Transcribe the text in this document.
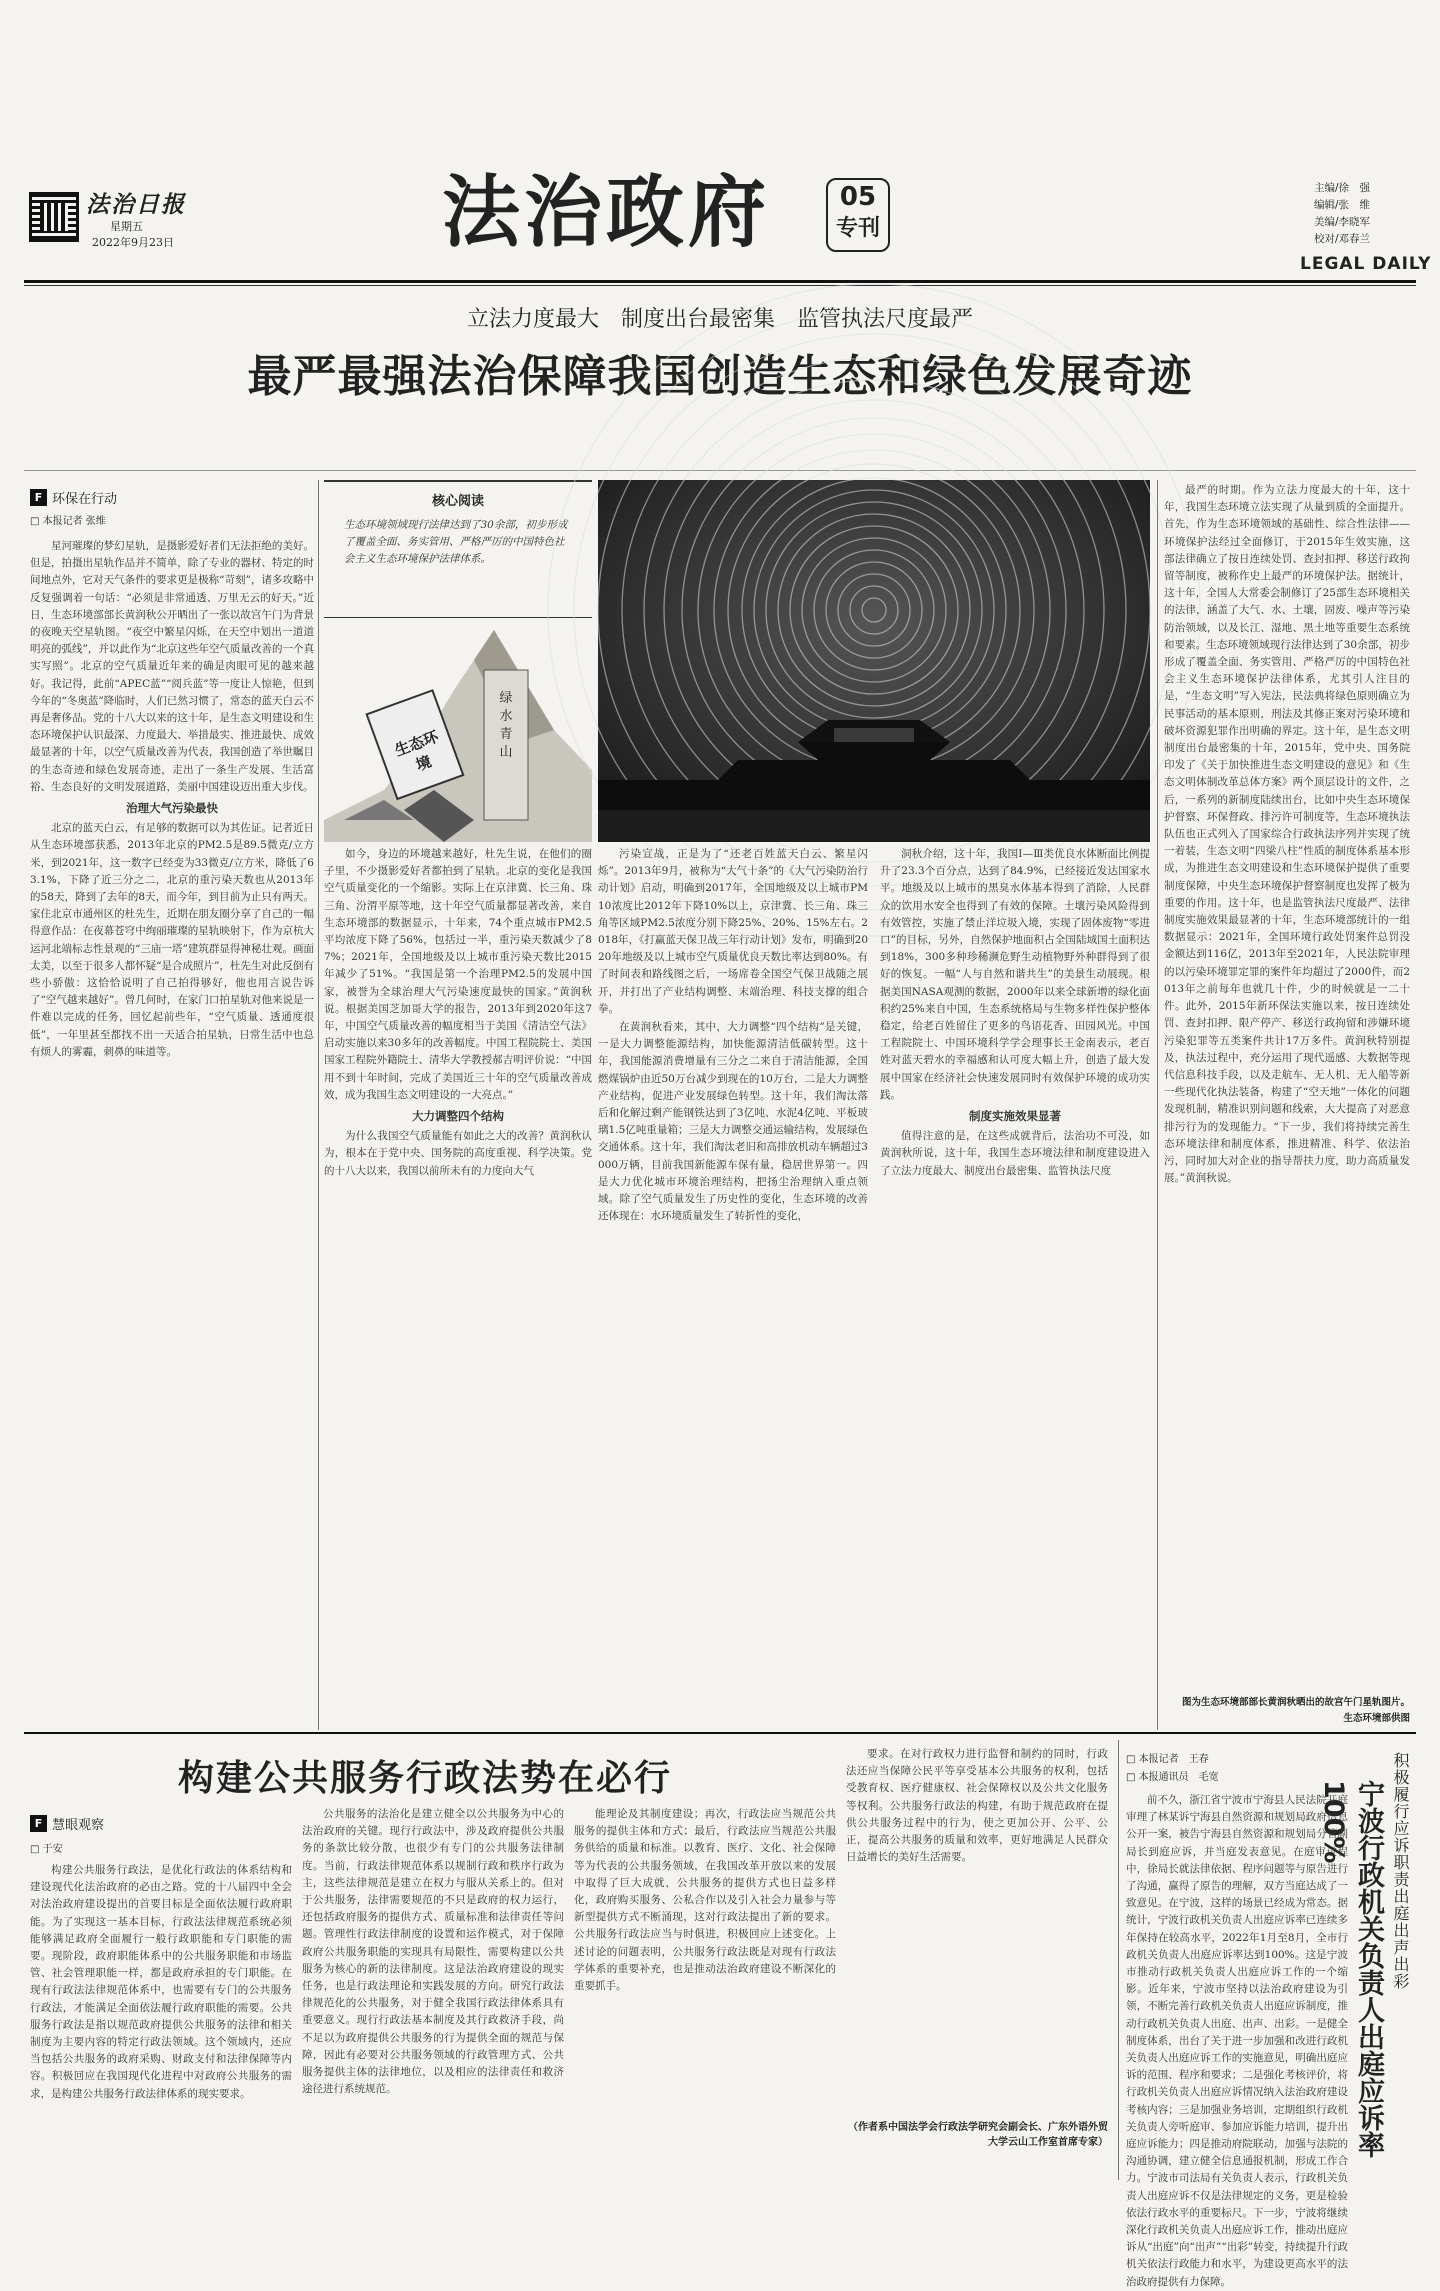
法治日报
星期五
2022年9月23日	法治政府	05
专刊
主编/徐　强
编辑/张　维
美编/李晓军
校对/邓春兰
LEGAL DAILY
立法力度最大　制度出台最密集　监管执法尺度最严
最严最强法治保障我国创造生态和绿色发展奇迹
F 环保在行动
□ 本报记者 张维

星河璀璨的梦幻星轨，是摄影爱好者们无法拒绝的美好。但是，拍摄出星轨作品并不简单，除了专业的器材、特定的时间地点外，它对天气条件的要求更是极称“苛刻”，诸多攻略中反复强调着一句话：“必须是非常通透、万里无云的好天。”近日，生态环境部部长黄润秋公开晒出了一张以故宫午门为背景的夜晚天空星轨图。“夜空中繁星闪烁，在天空中划出一道道明亮的弧线”，并以此作为“北京这些年空气质量改善的一个真实写照”。北京的空气质量近年来的确是肉眼可见的越来越好。我记得，此前“APEC蓝”“阅兵蓝”等一度让人惊艳，但到今年的“冬奥蓝”降临时，人们已然习惯了，常态的蓝天白云不再是奢侈品。党的十八大以来的这十年，是生态文明建设和生态环境保护认识最深、力度最大、举措最实、推进最快、成效最显著的十年，以空气质量改善为代表，我国创造了举世瞩目的生态奇迹和绿色发展奇迹，走出了一条生产发展、生活富裕、生态良好的文明发展道路，美丽中国建设迈出重大步伐。

治理大气污染最快

北京的蓝天白云，有足够的数据可以为其佐证。记者近日从生态环境部获悉，2013年北京的PM2.5是89.5微克/立方米，到2021年，这一数字已经变为33微克/立方米，降低了63.1%，下降了近三分之二，北京的重污染天数也从2013年的58天，降到了去年的8天，而今年，到目前为止只有两天。家住北京市通州区的杜先生，近期在朋友圈分享了自己的一幅得意作品：在夜幕苍穹中绚丽璀璨的星轨映射下，作为京杭大运河北端标志性景观的“三庙一塔”建筑群显得神秘壮观。画面太美，以至于很多人都怀疑“是合成照片”，杜先生对此反倒有些小骄傲：这恰恰说明了自己拍得够好，他也用言说告诉了“空气越来越好”。曾几何时，在家门口拍星轨对他来说是一件难以完成的任务，回忆起前些年，“空气质量、透通度很低”，一年里甚至都找不出一天适合拍星轨，日常生活中也总有烦人的雾霾，刺鼻的味道等。

核心阅读
生态环境领域现行法律达到了30余部，初步形成了覆盖全面、务实管用、严格严厉的中国特色社会主义生态环境保护法律体系。
生态环境
绿水青山

如今，身边的环境越来越好，杜先生说，在他们的圈子里，不少摄影爱好者都拍到了星轨。北京的变化是我国空气质量变化的一个缩影。实际上在京津冀、长三角、珠三角、汾渭平原等地，这十年空气质量都显著改善，来自生态环境部的数据显示，十年来，74个重点城市PM2.5平均浓度下降了56%，包括过一半，重污染天数减少了87%；2021年，全国地级及以上城市重污染天数比2015年减少了51%。“我国是第一个治理PM2.5的发展中国家，被誉为全球治理大气污染速度最快的国家。”黄润秋说。根据美国芝加哥大学的报告，2013年到2020年这7年，中国空气质量改善的幅度相当于美国《清洁空气法》启动实施以来30多年的改善幅度。中国工程院院士、美国国家工程院外籍院士、清华大学教授郝吉明评价说：“中国用不到十年时间，完成了美国近三十年的空气质量改善成效，成为我国生态文明建设的一大亮点。”

大力调整四个结构

为什么我国空气质量能有如此之大的改善？黄润秋认为，根本在于党中央、国务院的高度重视、科学决策。党的十八大以来，我国以前所未有的力度向大气

污染宣战，正是为了“还老百姓蓝天白云、繁星闪烁”。2013年9月，被称为“大气十条”的《大气污染防治行动计划》启动，明确到2017年，全国地级及以上城市PM10浓度比2012年下降10%以上，京津冀、长三角、珠三角等区域PM2.5浓度分别下降25%、20%、15%左右。2018年，《打赢蓝天保卫战三年行动计划》发布，明确到2020年地级及以上城市空气质量优良天数比率达到80%。有了时间表和路线图之后，一场席卷全国空气保卫战随之展开，并打出了产业结构调整、末端治理、科技支撑的组合拳。

在黄润秋看来，其中，大力调整“四个结构”是关键，一是大力调整能源结构，加快能源清洁低碳转型。这十年，我国能源消费增量有三分之二来自于清洁能源，全国燃煤锅炉由近50万台减少到现在的10万台，二是大力调整产业结构，促进产业发展绿色转型。这十年，我们淘汰落后和化解过剩产能钢铁达到了3亿吨、水泥4亿吨、平板玻璃1.5亿吨重量箱；三是大力调整交通运输结构，发展绿色交通体系。这十年，我们淘汰老旧和高排放机动车辆超过3000万辆，目前我国新能源车保有量，稳居世界第一。四是大力优化城市环境治理结构，把扬尘治理纳入重点领域。除了空气质量发生了历史性的变化，生态环境的改善还体现在：水环境质量发生了转折性的变化，

洞秋介绍，这十年，我国Ⅰ—Ⅲ类优良水体断面比例提升了23.3个百分点，达到了84.9%，已经接近发达国家水平。地级及以上城市的黑臭水体基本得到了消除，人民群众的饮用水安全也得到了有效的保障。土壤污染风险得到有效管控，实施了禁止洋垃圾入境，实现了固体废物“零进口”的目标，另外，自然保护地面积占全国陆域国土面积达到18%，300多种珍稀濒危野生动植物野外种群得到了很好的恢复。一幅“人与自然和谐共生”的美景生动展现。根据美国NASA观测的数据，2000年以来全球新增的绿化面积约25%来自中国，生态系统格局与生物多样性保护整体稳定，给老百姓留住了更多的鸟语花香、田园风光。中国工程院院士、中国环境科学学会理事长王金南表示，老百姓对蓝天碧水的幸福感和认可度大幅上升，创造了最大发展中国家在经济社会快速发展同时有效保护环境的成功实践。

制度实施效果显著

值得注意的是，在这些成就背后，法治功不可没，如黄润秋所说，这十年，我国生态环境法律和制度建设进入了立法力度最大、制度出台最密集、监管执法尺度

最严的时期。作为立法力度最大的十年，这十年，我国生态环境立法实现了从量到质的全面提升。首先，作为生态环境领域的基础性、综合性法律——环境保护法经过全面修订，于2015年生效实施，这部法律确立了按日连续处罚、查封扣押、移送行政拘留等制度，被称作史上最严的环境保护法。据统计，这十年，全国人大常委会制修订了25部生态环境相关的法律，涵盖了大气、水、土壤，固废、噪声等污染防治领域，以及长江、湿地、黑土地等重要生态系统和要素。生态环境领域现行法律达到了30余部，初步形成了覆盖全面、务实管用、严格严厉的中国特色社会主义生态环境保护法律体系，尤其引人注目的是，“生态文明”写入宪法，民法典将绿色原则确立为民事活动的基本原则，刑法及其修正案对污染环境和破坏资源犯罪作出明确的界定。这十年，是生态文明制度出台最密集的十年，2015年，党中央、国务院印发了《关于加快推进生态文明建设的意见》和《生态文明体制改革总体方案》两个顶层设计的文件，之后，一系列的新制度陆续出台，比如中央生态环境保护督察、环保督政、排污许可制度等，生态环境执法队伍也正式列入了国家综合行政执法序列并实现了统一着装，生态文明“四梁八柱”性质的制度体系基本形成，为推进生态文明建设和生态环境保护提供了重要制度保障，中央生态环境保护督察制度也发挥了极为重要的作用。这十年，也是监管执法尺度最严、法律制度实施效果最显著的十年，生态环境部统计的一组数据显示：2021年，全国环境行政处罚案件总罚没金额达到116亿，2013年至2021年，人民法院审理的以污染环境罪定罪的案件年均超过了2000件，而2013年之前每年也就几十件，少的时候就是一二十件。此外，2015年新环保法实施以来，按日连续处罚、查封扣押、限产停产、移送行政拘留和涉嫌环境污染犯罪等五类案件共计17万多件。黄润秋特别提及，执法过程中，充分运用了现代遥感、大数据等现代信息科技手段，以及走航车、无人机、无人船等新一些现代化执法装备，构建了“空天地”一体化的问题发现机制，精准识别问题和线索，大大提高了对恶意排污行为的发现能力。“下一步，我们将持续完善生态环境法律和制度体系，推进精准、科学、依法治污，同时加大对企业的指导帮扶力度，助力高质量发展。”黄润秋说。

图为生态环境部部长黄润秋晒出的故宫午门星轨图片。
生态环境部供图
构建公共服务行政法势在必行
F 慧眼观察
□ 于安

构建公共服务行政法，是优化行政法的体系结构和建设现代化法治政府的必由之路。党的十八届四中全会对法治政府建设提出的首要目标是全面依法履行政府职能。为了实现这一基本目标，行政法法律规范系统必须能够满足政府全面履行一般行政职能和专门职能的需要。现阶段，政府职能体系中的公共服务职能和市场监管、社会管理职能一样，都是政府承担的专门职能。在现有行政法法律规范体系中，也需要有专门的公共服务行政法，才能满足全面依法履行政府职能的需要。公共服务行政法是指以规范政府提供公共服务的法律和相关制度为主要内容的特定行政法领域。这个领域内，还应当包括公共服务的政府采购、财政支付和法律保障等内容。积极回应在我国现代化进程中对政府公共服务的需求，是构建公共服务行政法律体系的现实要求。

公共服务的法治化是建立健全以公共服务为中心的法治政府的关键。现行行政法中，涉及政府提供公共服务的条款比较分散，也很少有专门的公共服务法律制度。当前，行政法律规范体系以规制行政和秩序行政为主，这些法律规范是建立在权力与服从关系上的。但对于公共服务，法律需要规范的不只是政府的权力运行，还包括政府服务的提供方式、质量标准和法律责任等问题。管理性行政法律制度的设置和运作模式，对于保障政府公共服务职能的实现具有局限性，需要构建以公共服务为核心的新的法律制度。这是法治政府建设的现实任务，也是行政法理论和实践发展的方向。研究行政法律规范化的公共服务，对于健全我国行政法律体系具有重要意义。现行行政法基本制度及其行政救济手段，尚不足以为政府提供公共服务的行为提供全面的规范与保障，因此有必要对公共服务领域的行政管理方式、公共服务提供主体的法律地位，以及相应的法律责任和救济途径进行系统规范。

能理论及其制度建设；再次，行政法应当规范公共服务的提供主体和方式；最后，行政法应当规范公共服务供给的质量和标准。以教育、医疗、文化、社会保障等为代表的公共服务领域，在我国改革开放以来的发展中取得了巨大成就，公共服务的提供方式也日益多样化，政府购买服务、公私合作以及引入社会力量参与等新型提供方式不断涌现，这对行政法提出了新的要求。公共服务行政法应当与时俱进，积极回应上述变化。上述讨论的问题表明，公共服务行政法既是对现有行政法学体系的重要补充，也是推动法治政府建设不断深化的重要抓手。

要求。在对行政权力进行监督和制约的同时，行政法还应当保障公民平等享受基本公共服务的权利，包括受教育权、医疗健康权、社会保障权以及公共文化服务等权利。公共服务行政法的构建，有助于规范政府在提供公共服务过程中的行为，使之更加公开、公平、公正，提高公共服务的质量和效率，更好地满足人民群众日益增长的美好生活需要。

（作者系中国法学会行政法学研究会副会长、广东外语外贸大学云山工作室首席专家）
□ 本报记者　王春
□ 本报通讯员　毛宽	积极履行应诉职责出庭出声出彩
宁波行政机关负责人出庭应诉率100%

前不久，浙江省宁波市宁海县人民法院开庭审理了林某诉宁海县自然资源和规划局政府信息公开一案，被告宁海县自然资源和规划局分管副局长到庭应诉，并当庭发表意见。在庭审过程中，徐局长就法律依据、程序问题等与原告进行了沟通，赢得了原告的理解，双方当庭达成了一致意见。在宁波，这样的场景已经成为常态。据统计，宁波行政机关负责人出庭应诉率已连续多年保持在较高水平，2022年1月至8月，全市行政机关负责人出庭应诉率达到100%。这是宁波市推动行政机关负责人出庭应诉工作的一个缩影。近年来，宁波市坚持以法治政府建设为引领，不断完善行政机关负责人出庭应诉制度，推动行政机关负责人出庭、出声、出彩。一是健全制度体系，出台了关于进一步加强和改进行政机关负责人出庭应诉工作的实施意见，明确出庭应诉的范围、程序和要求；二是强化考核评价，将行政机关负责人出庭应诉情况纳入法治政府建设考核内容；三是加强业务培训，定期组织行政机关负责人旁听庭审、参加应诉能力培训，提升出庭应诉能力；四是推动府院联动，加强与法院的沟通协调，建立健全信息通报机制，形成工作合力。宁波市司法局有关负责人表示，行政机关负责人出庭应诉不仅是法律规定的义务，更是检验依法行政水平的重要标尺。下一步，宁波将继续深化行政机关负责人出庭应诉工作，推动出庭应诉从“出庭”向“出声”“出彩”转变，持续提升行政机关依法行政能力和水平，为建设更高水平的法治政府提供有力保障。
